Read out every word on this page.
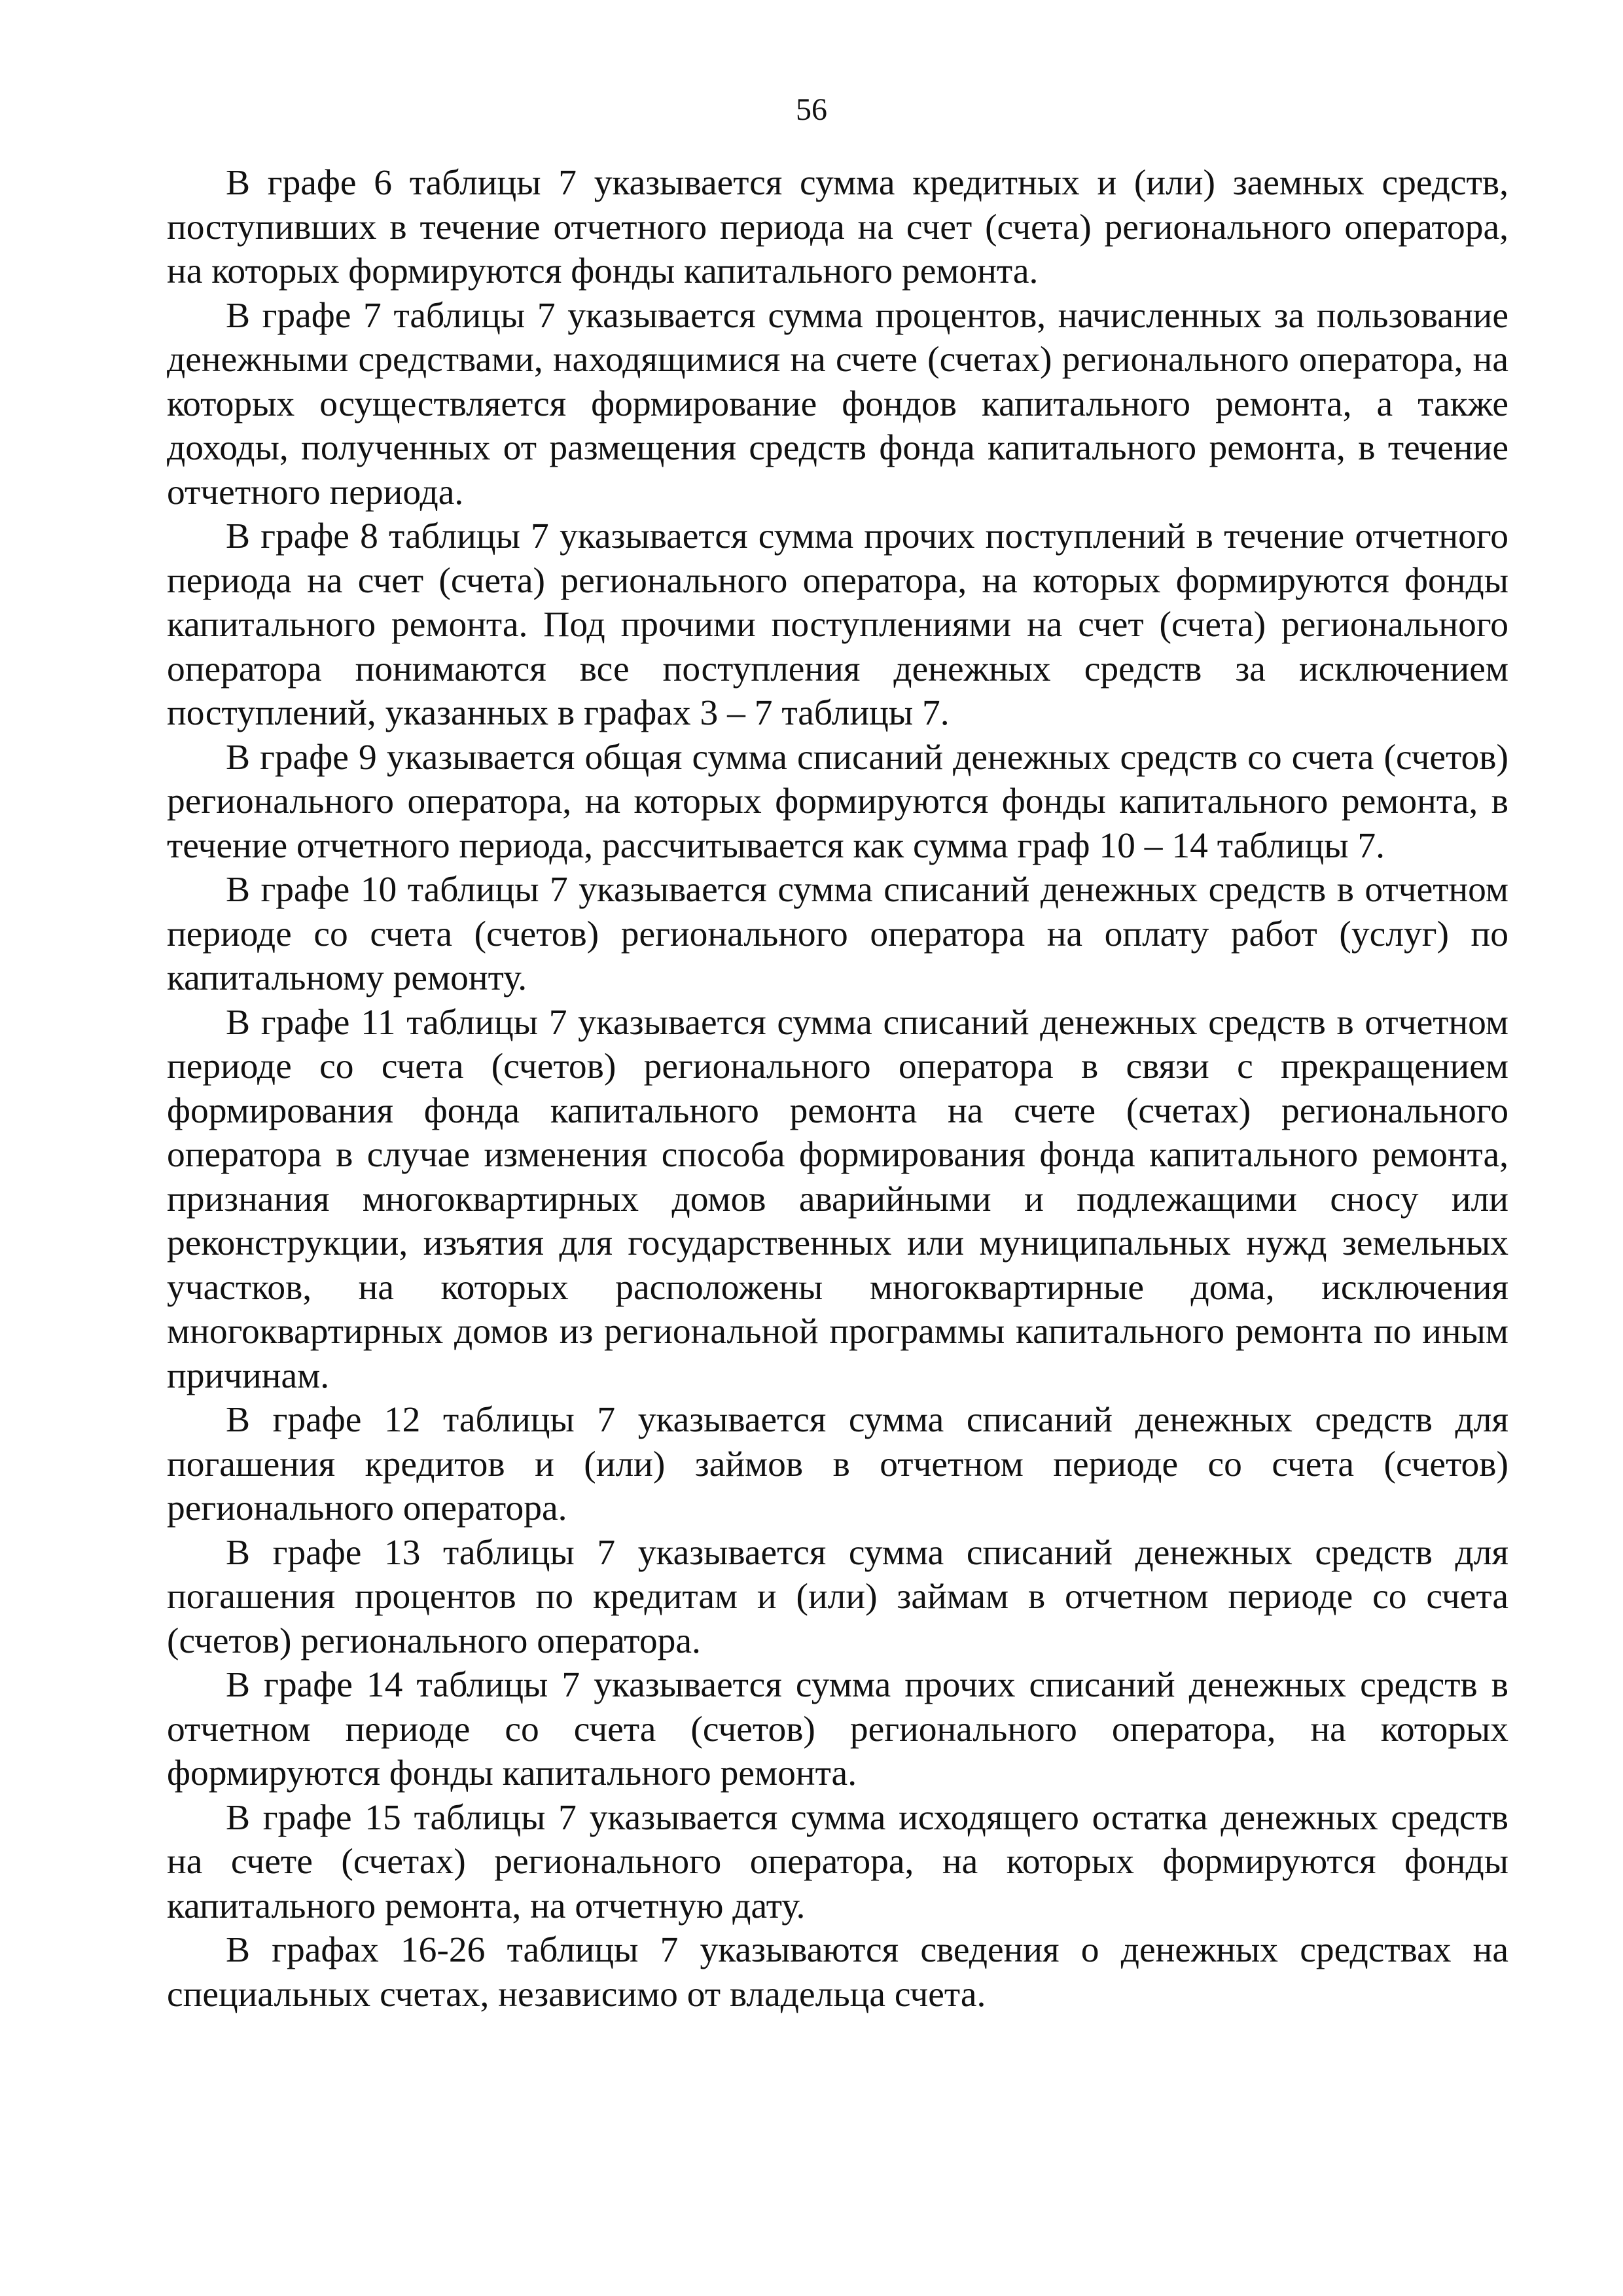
56

В графе 6 таблицы 7 указывается сумма кредитных и (или) заемных средств, поступивших в течение отчетного периода на счет (счета) регионального оператора, на которых формируются фонды капитального ремонта.

В графе 7 таблицы 7 указывается сумма процентов, начисленных за пользование денежными средствами, находящимися на счете (счетах) регионального оператора, на которых осуществляется формирование фондов капитального ремонта, а также доходы, полученных от размещения средств фонда капитального ремонта, в течение отчетного периода.

В графе 8 таблицы 7 указывается сумма прочих поступлений в течение отчетного периода на счет (счета) регионального оператора, на которых формируются фонды капитального ремонта. Под прочими поступлениями на счет (счета) регионального оператора понимаются все поступления денежных средств за исключением поступлений, указанных в графах 3 – 7 таблицы 7.

В графе 9 указывается общая сумма списаний денежных средств со счета (счетов) регионального оператора, на которых формируются фонды капитального ремонта, в течение отчетного периода, рассчитывается как сумма граф 10 – 14 таблицы 7.

В графе 10 таблицы 7 указывается сумма списаний денежных средств в отчетном периоде со счета (счетов) регионального оператора на оплату работ (услуг) по капитальному ремонту.

В графе 11 таблицы 7 указывается сумма списаний денежных средств в отчетном периоде со счета (счетов) регионального оператора в связи с прекращением формирования фонда капитального ремонта на счете (счетах) регионального оператора в случае изменения способа формирования фонда капитального ремонта, признания многоквартирных домов аварийными и подлежащими сносу или реконструкции, изъятия для государственных или муниципальных нужд земельных участков, на которых расположены многоквартирные дома, исключения многоквартирных домов из региональной программы капитального ремонта по иным причинам.

В графе 12 таблицы 7 указывается сумма списаний денежных средств для погашения кредитов и (или) займов в отчетном периоде со счета (счетов) регионального оператора.

В графе 13 таблицы 7 указывается сумма списаний денежных средств для погашения процентов по кредитам и (или) займам в отчетном периоде со счета (счетов) регионального оператора.

В графе 14 таблицы 7 указывается сумма прочих списаний денежных средств в отчетном периоде со счета (счетов) регионального оператора, на которых формируются фонды капитального ремонта.

В графе 15 таблицы 7 указывается сумма исходящего остатка денежных средств на счете (счетах) регионального оператора, на которых формируются фонды капитального ремонта, на отчетную дату.

В графах 16-26 таблицы 7 указываются сведения о денежных средствах на специальных счетах, независимо от владельца счета.
